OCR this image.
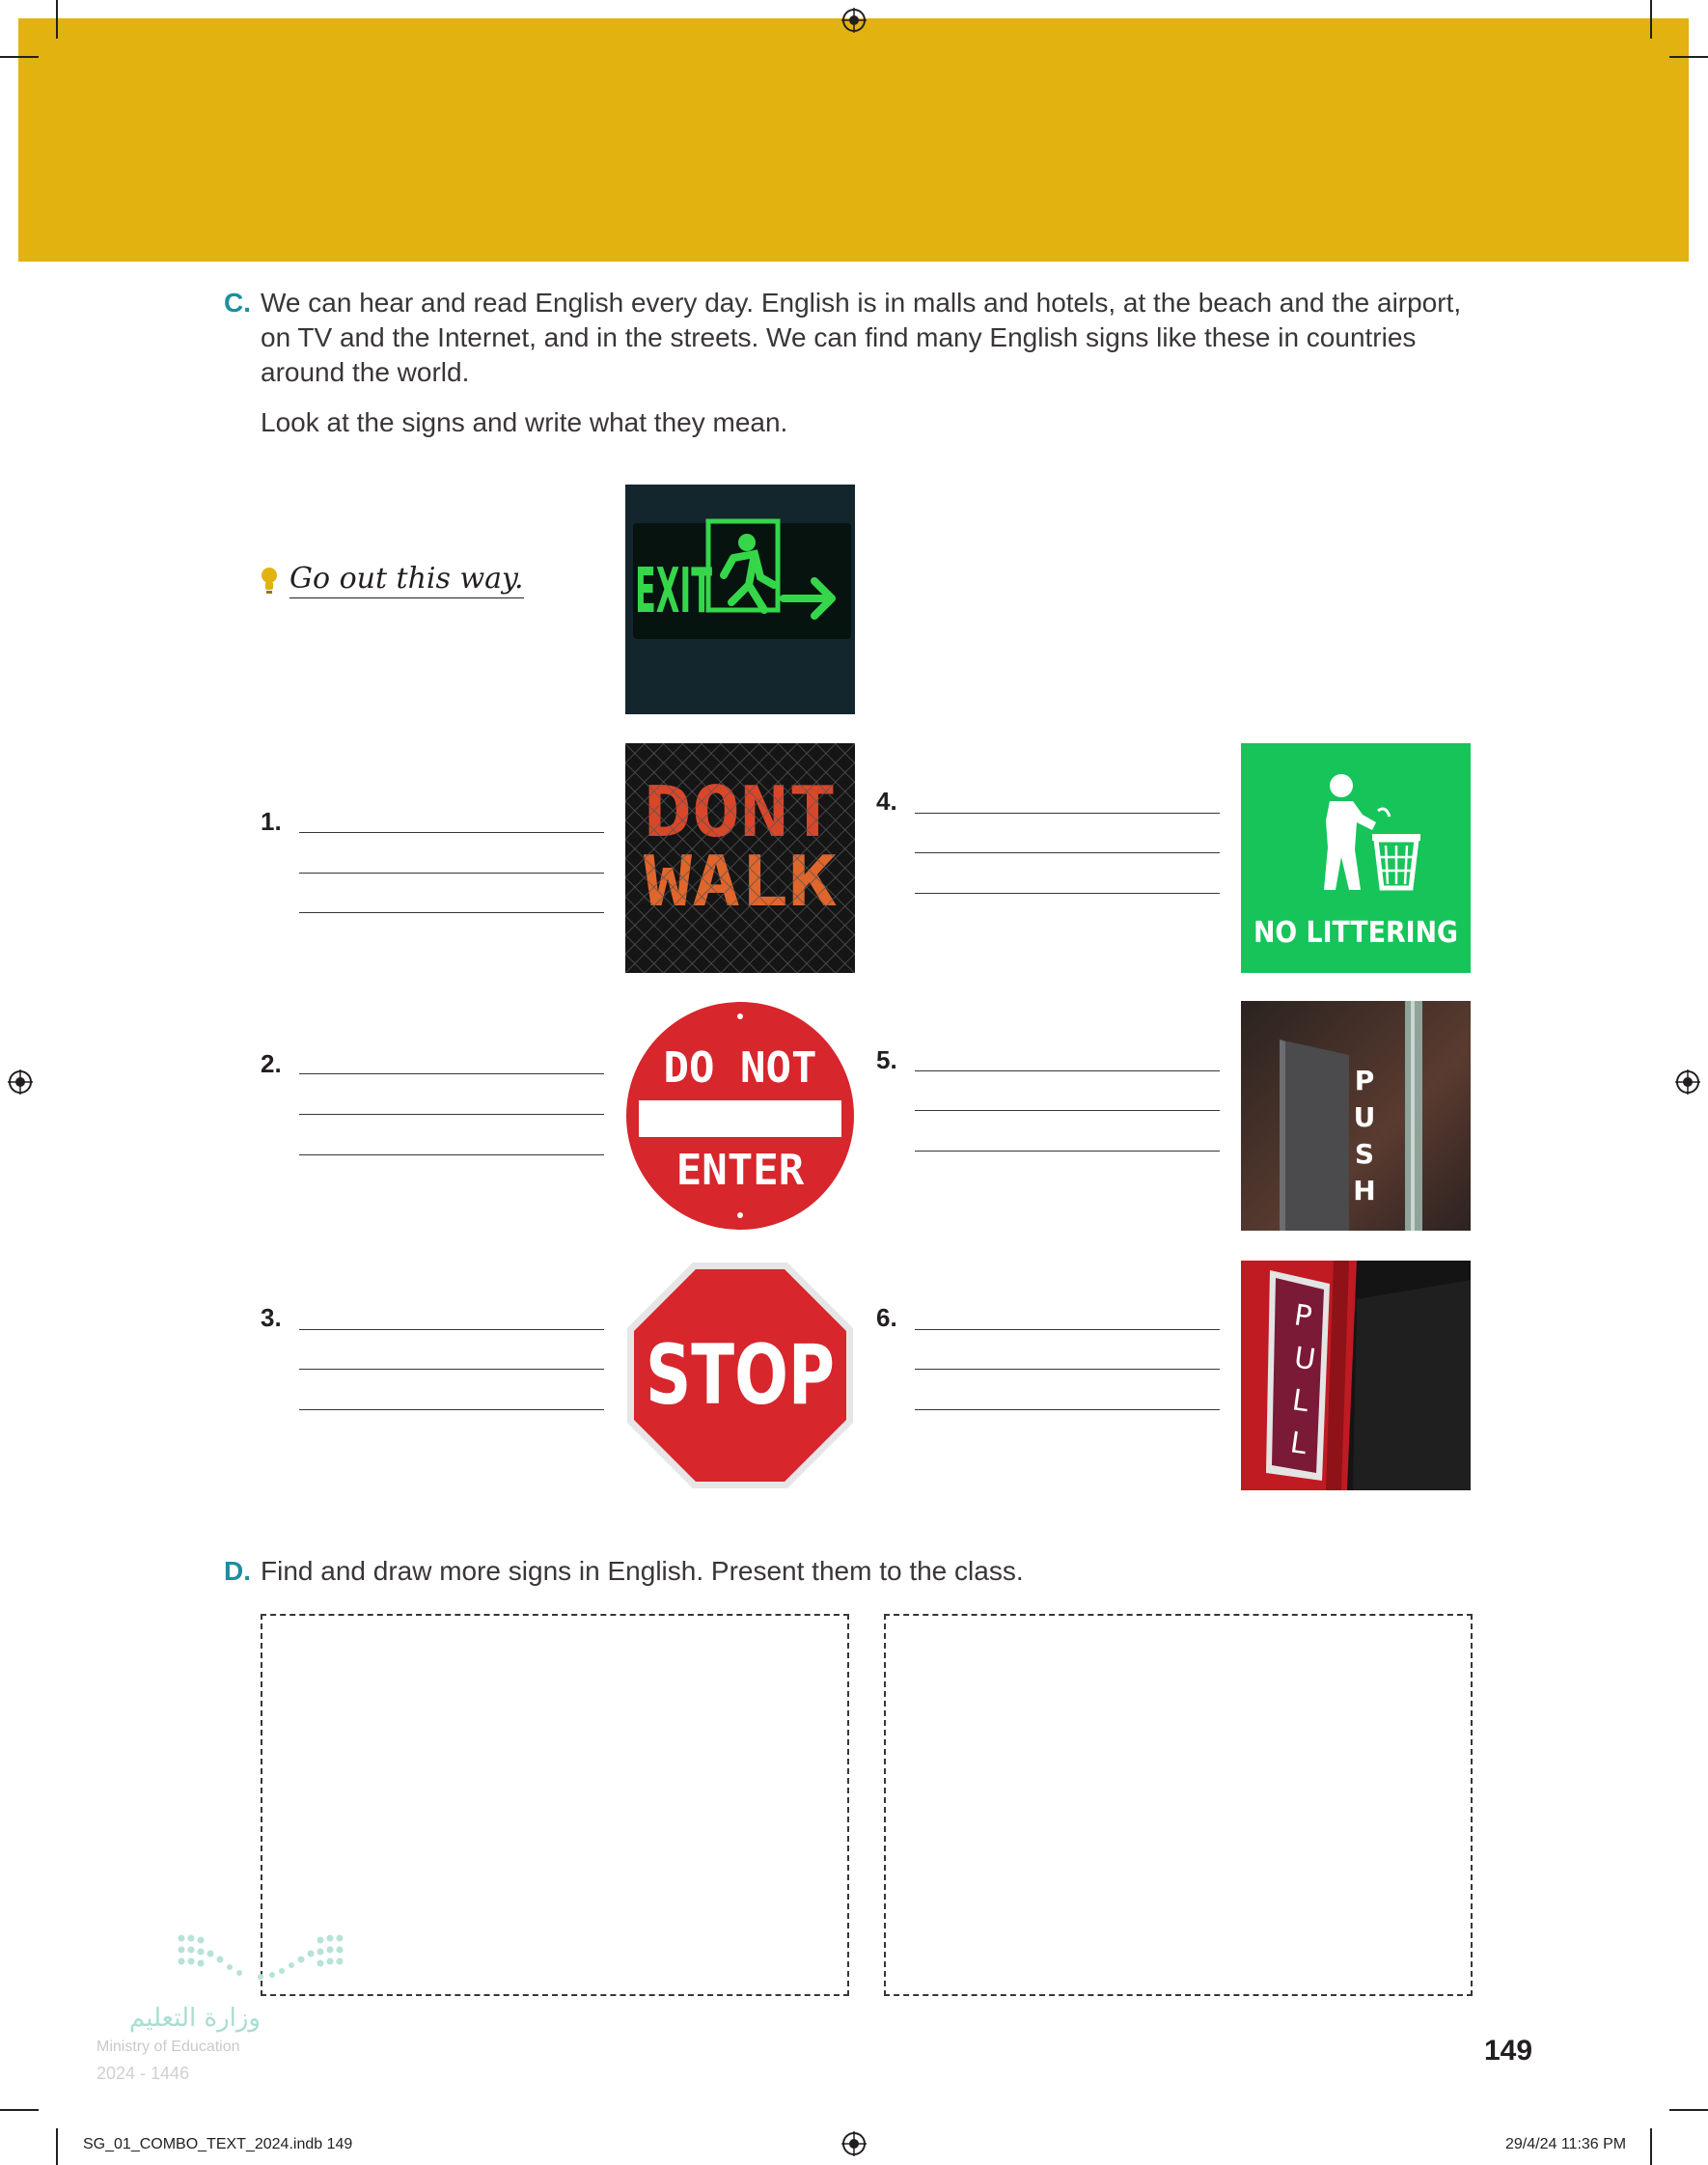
C. We can hear and read English every day. English is in malls and hotels, at the beach and the airport, on TV and the Internet, and in the streets. We can find many English signs like these in countries around the world.
Look at the signs and write what they mean.
Go out this way. EXIT
1.
2.	DO NOT
ENTER
3.
STOP
4.
NO LITTERING
5.
P
U
S
H
6.	P
U
L
L
D. Find and draw more signs in English. Present them to the class.
وزارة التعليم
Ministry of Education
2024 - 1446
149
SG_01_COMBO_TEXT_2024.indb 149	29/4/24 11:36 PM
